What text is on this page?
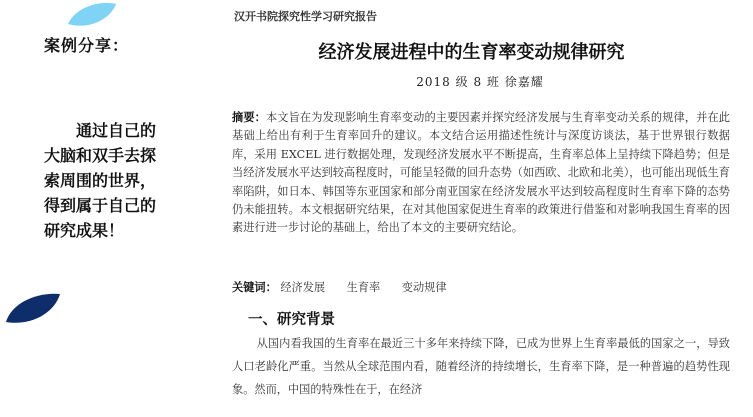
案例分享：
通过自己的大脑和双手去探索周围的世界，得到属于自己的研究成果！
汉开书院探究性学习研究报告
经济发展进程中的生育率变动规律研究
2018 级 8 班 徐嘉耀
摘要：本文旨在为发现影响生育率变动的主要因素并探究经济发展与生育率变动关系的规律，并在此基础上给出有利于生育率回升的建议。本文结合运用描述性统计与深度访谈法，基于世界银行数据库，采用 EXCEL 进行数据处理，发现经济发展水平不断提高，生育率总体上呈持续下降趋势；但是当经济发展水平达到较高程度时，可能呈轻微的回升态势（如西欧、北欧和北美），也可能出现低生育率陷阱，如日本、韩国等东亚国家和部分南亚国家在经济发展水平达到较高程度时生育率下降的态势仍未能扭转。本文根据研究结果，在对其他国家促进生育率的政策进行借鉴和对影响我国生育率的因素进行进一步讨论的基础上，给出了本文的主要研究结论。
关键词： 经济发展 生育率 变动规律
一、研究背景
从国内看我国的生育率在最近三十多年来持续下降，已成为世界上生育率最低的国家之一，导致人口老龄化严重。当然从全球范围内看，随着经济的持续增长，生育率下降，是一种普遍的趋势性现象。然而，中国的特殊性在于，在经济
